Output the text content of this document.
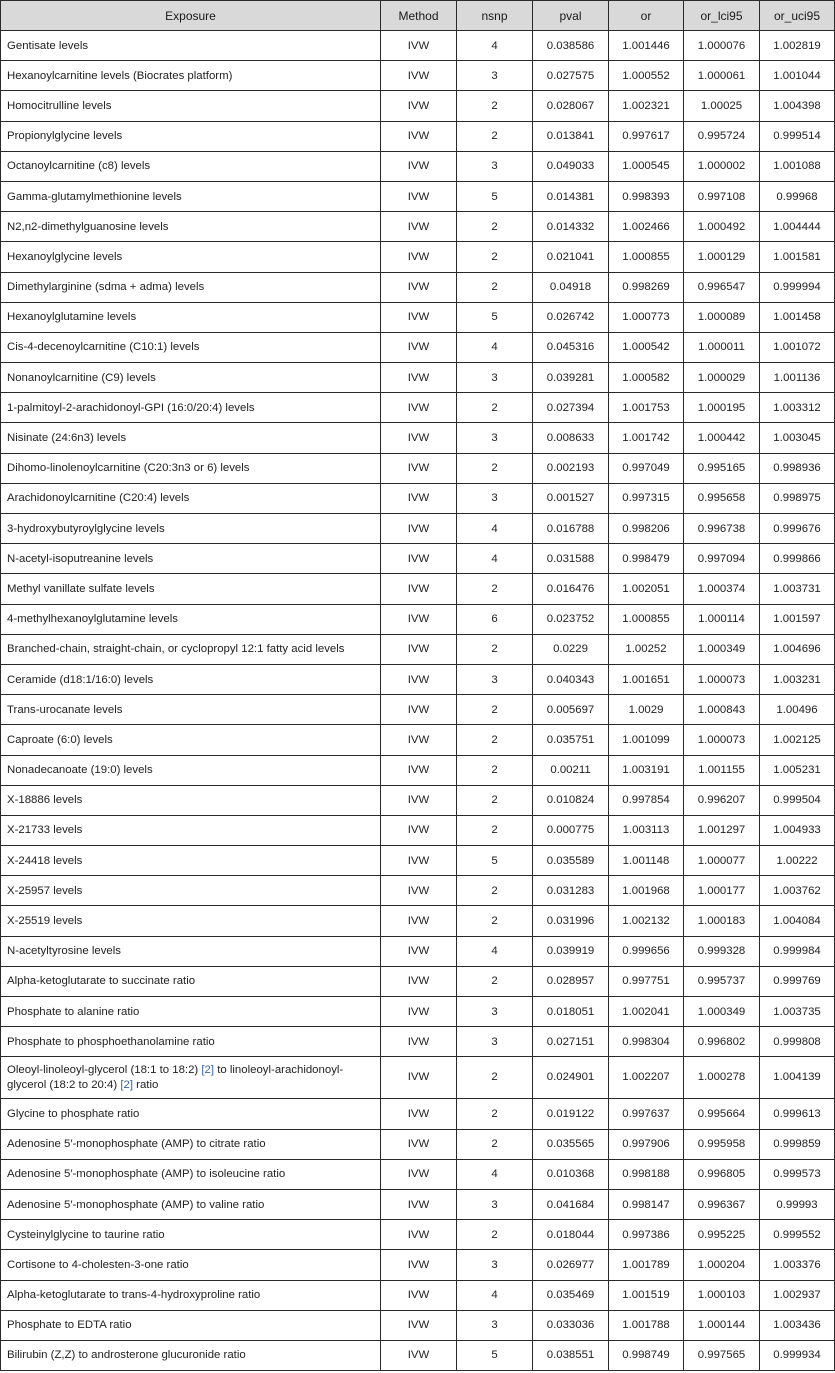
Exposure	Method	nsnp	pval	or	or_lci95	or_uci95
Gentisate levels	IVW	4	0.038586	1.001446	1.000076	1.002819
Hexanoylcarnitine levels (Biocrates platform)	IVW	3	0.027575	1.000552	1.000061	1.001044
Homocitrulline levels	IVW	2	0.028067	1.002321	1.00025	1.004398
Propionylglycine levels	IVW	2	0.013841	0.997617	0.995724	0.999514
Octanoylcarnitine (c8) levels	IVW	3	0.049033	1.000545	1.000002	1.001088
Gamma-glutamylmethionine levels	IVW	5	0.014381	0.998393	0.997108	0.99968
N2,n2-dimethylguanosine levels	IVW	2	0.014332	1.002466	1.000492	1.004444
Hexanoylglycine levels	IVW	2	0.021041	1.000855	1.000129	1.001581
Dimethylarginine (sdma + adma) levels	IVW	2	0.04918	0.998269	0.996547	0.999994
Hexanoylglutamine levels	IVW	5	0.026742	1.000773	1.000089	1.001458
Cis-4-decenoylcarnitine (C10:1) levels	IVW	4	0.045316	1.000542	1.000011	1.001072
Nonanoylcarnitine (C9) levels	IVW	3	0.039281	1.000582	1.000029	1.001136
1-palmitoyl-2-arachidonoyl-GPI (16:0/20:4) levels	IVW	2	0.027394	1.001753	1.000195	1.003312
Nisinate (24:6n3) levels	IVW	3	0.008633	1.001742	1.000442	1.003045
Dihomo-linolenoylcarnitine (C20:3n3 or 6) levels	IVW	2	0.002193	0.997049	0.995165	0.998936
Arachidonoylcarnitine (C20:4) levels	IVW	3	0.001527	0.997315	0.995658	0.998975
3-hydroxybutyroylglycine levels	IVW	4	0.016788	0.998206	0.996738	0.999676
N-acetyl-isoputreanine levels	IVW	4	0.031588	0.998479	0.997094	0.999866
Methyl vanillate sulfate levels	IVW	2	0.016476	1.002051	1.000374	1.003731
4-methylhexanoylglutamine levels	IVW	6	0.023752	1.000855	1.000114	1.001597
Branched-chain, straight-chain, or cyclopropyl 12:1 fatty acid levels	IVW	2	0.0229	1.00252	1.000349	1.004696
Ceramide (d18:1/16:0) levels	IVW	3	0.040343	1.001651	1.000073	1.003231
Trans-urocanate levels	IVW	2	0.005697	1.0029	1.000843	1.00496
Caproate (6:0) levels	IVW	2	0.035751	1.001099	1.000073	1.002125
Nonadecanoate (19:0) levels	IVW	2	0.00211	1.003191	1.001155	1.005231
X-18886 levels	IVW	2	0.010824	0.997854	0.996207	0.999504
X-21733 levels	IVW	2	0.000775	1.003113	1.001297	1.004933
X-24418 levels	IVW	5	0.035589	1.001148	1.000077	1.00222
X-25957 levels	IVW	2	0.031283	1.001968	1.000177	1.003762
X-25519 levels	IVW	2	0.031996	1.002132	1.000183	1.004084
N-acetyltyrosine levels	IVW	4	0.039919	0.999656	0.999328	0.999984
Alpha-ketoglutarate to succinate ratio	IVW	2	0.028957	0.997751	0.995737	0.999769
Phosphate to alanine ratio	IVW	3	0.018051	1.002041	1.000349	1.003735
Phosphate to phosphoethanolamine ratio	IVW	3	0.027151	0.998304	0.996802	0.999808
Oleoyl-linoleoyl-glycerol (18:1 to 18:2) [2] to linoleoyl-arachidonoyl-glycerol (18:2 to 20:4) [2] ratio	IVW	2	0.024901	1.002207	1.000278	1.004139
Glycine to phosphate ratio	IVW	2	0.019122	0.997637	0.995664	0.999613
Adenosine 5′-monophosphate (AMP) to citrate ratio	IVW	2	0.035565	0.997906	0.995958	0.999859
Adenosine 5′-monophosphate (AMP) to isoleucine ratio	IVW	4	0.010368	0.998188	0.996805	0.999573
Adenosine 5′-monophosphate (AMP) to valine ratio	IVW	3	0.041684	0.998147	0.996367	0.99993
Cysteinylglycine to taurine ratio	IVW	2	0.018044	0.997386	0.995225	0.999552
Cortisone to 4-cholesten-3-one ratio	IVW	3	0.026977	1.001789	1.000204	1.003376
Alpha-ketoglutarate to trans-4-hydroxyproline ratio	IVW	4	0.035469	1.001519	1.000103	1.002937
Phosphate to EDTA ratio	IVW	3	0.033036	1.001788	1.000144	1.003436
Bilirubin (Z,Z) to androsterone glucuronide ratio	IVW	5	0.038551	0.998749	0.997565	0.999934
